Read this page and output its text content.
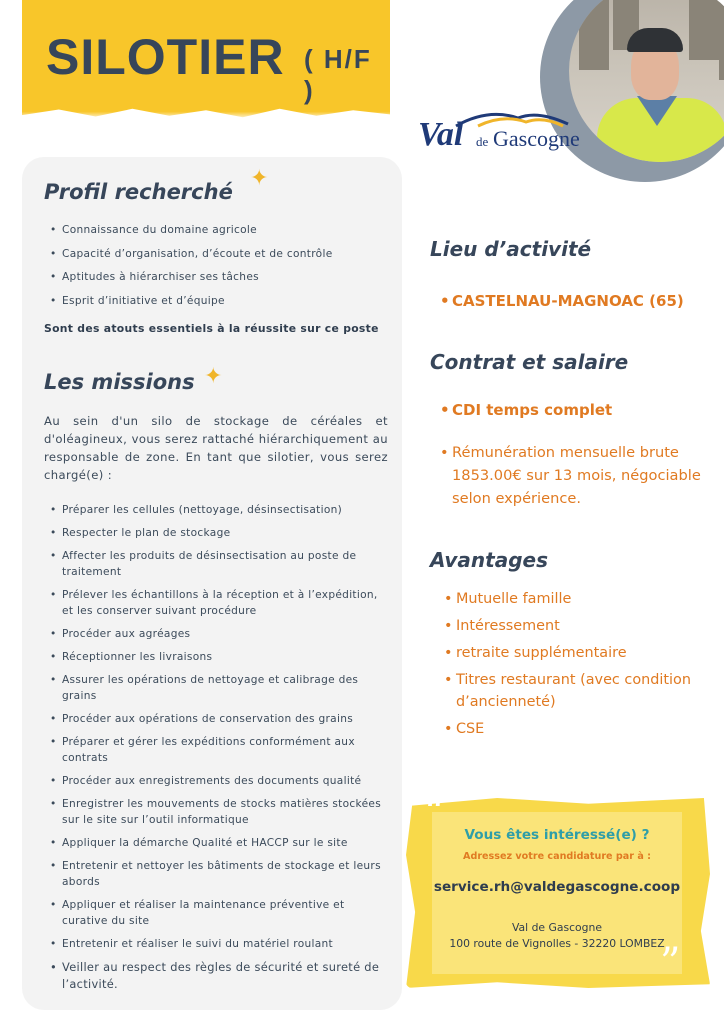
SILOTIER ( H/F )
Val de Gascogne
Profil recherché
✦
• Connaissance du domaine agricole
• Capacité d’organisation, d’écoute et de contrôle
• Aptitudes à hiérarchiser ses tâches
• Esprit d’initiative et d’équipe
Sont des atouts essentiels à la réussite sur ce poste
Les missions ✦
Au sein d'un silo de stockage de céréales et d'oléagineux, vous serez rattaché hiérarchiquement au responsable de zone. En tant que silotier, vous serez chargé(e) :
• Préparer les cellules (nettoyage, désinsectisation)
• Respecter le plan de stockage
• Affecter les produits de désinsectisation au poste de traitement
• Prélever les échantillons à la réception et à l’expédition, et les conserver suivant procédure
• Procéder aux agréages
• Réceptionner les livraisons
• Assurer les opérations de nettoyage et calibrage des grains
• Procéder aux opérations de conservation des grains
• Préparer et gérer les expéditions conformément aux contrats
• Procéder aux enregistrements des documents qualité
• Enregistrer les mouvements de stocks matières stockées sur le site sur l’outil informatique
• Appliquer la démarche Qualité et HACCP sur le site
• Entretenir et nettoyer les bâtiments de stockage et leurs abords
• Appliquer et réaliser la maintenance préventive et curative du site
• Entretenir et réaliser le suivi du matériel roulant
• Veiller au respect des règles de sécurité et sureté de l’activité.
Lieu d’activité
• CASTELNAU-MAGNOAC (65)
Contrat et salaire
• CDI temps complet
• Rémunération mensuelle brute 1853.00€ sur 13 mois, négociable selon expérience.
Avantages
• Mutuelle famille
• Intéressement
• retraite supplémentaire
• Titres restaurant (avec condition d’ancienneté)
• CSE
“
”
Vous êtes intéressé(e) ?
Adressez votre candidature par à :
service.rh@valdegascogne.coop
Val de Gascogne
100 route de Vignolles - 32220 LOMBEZ
